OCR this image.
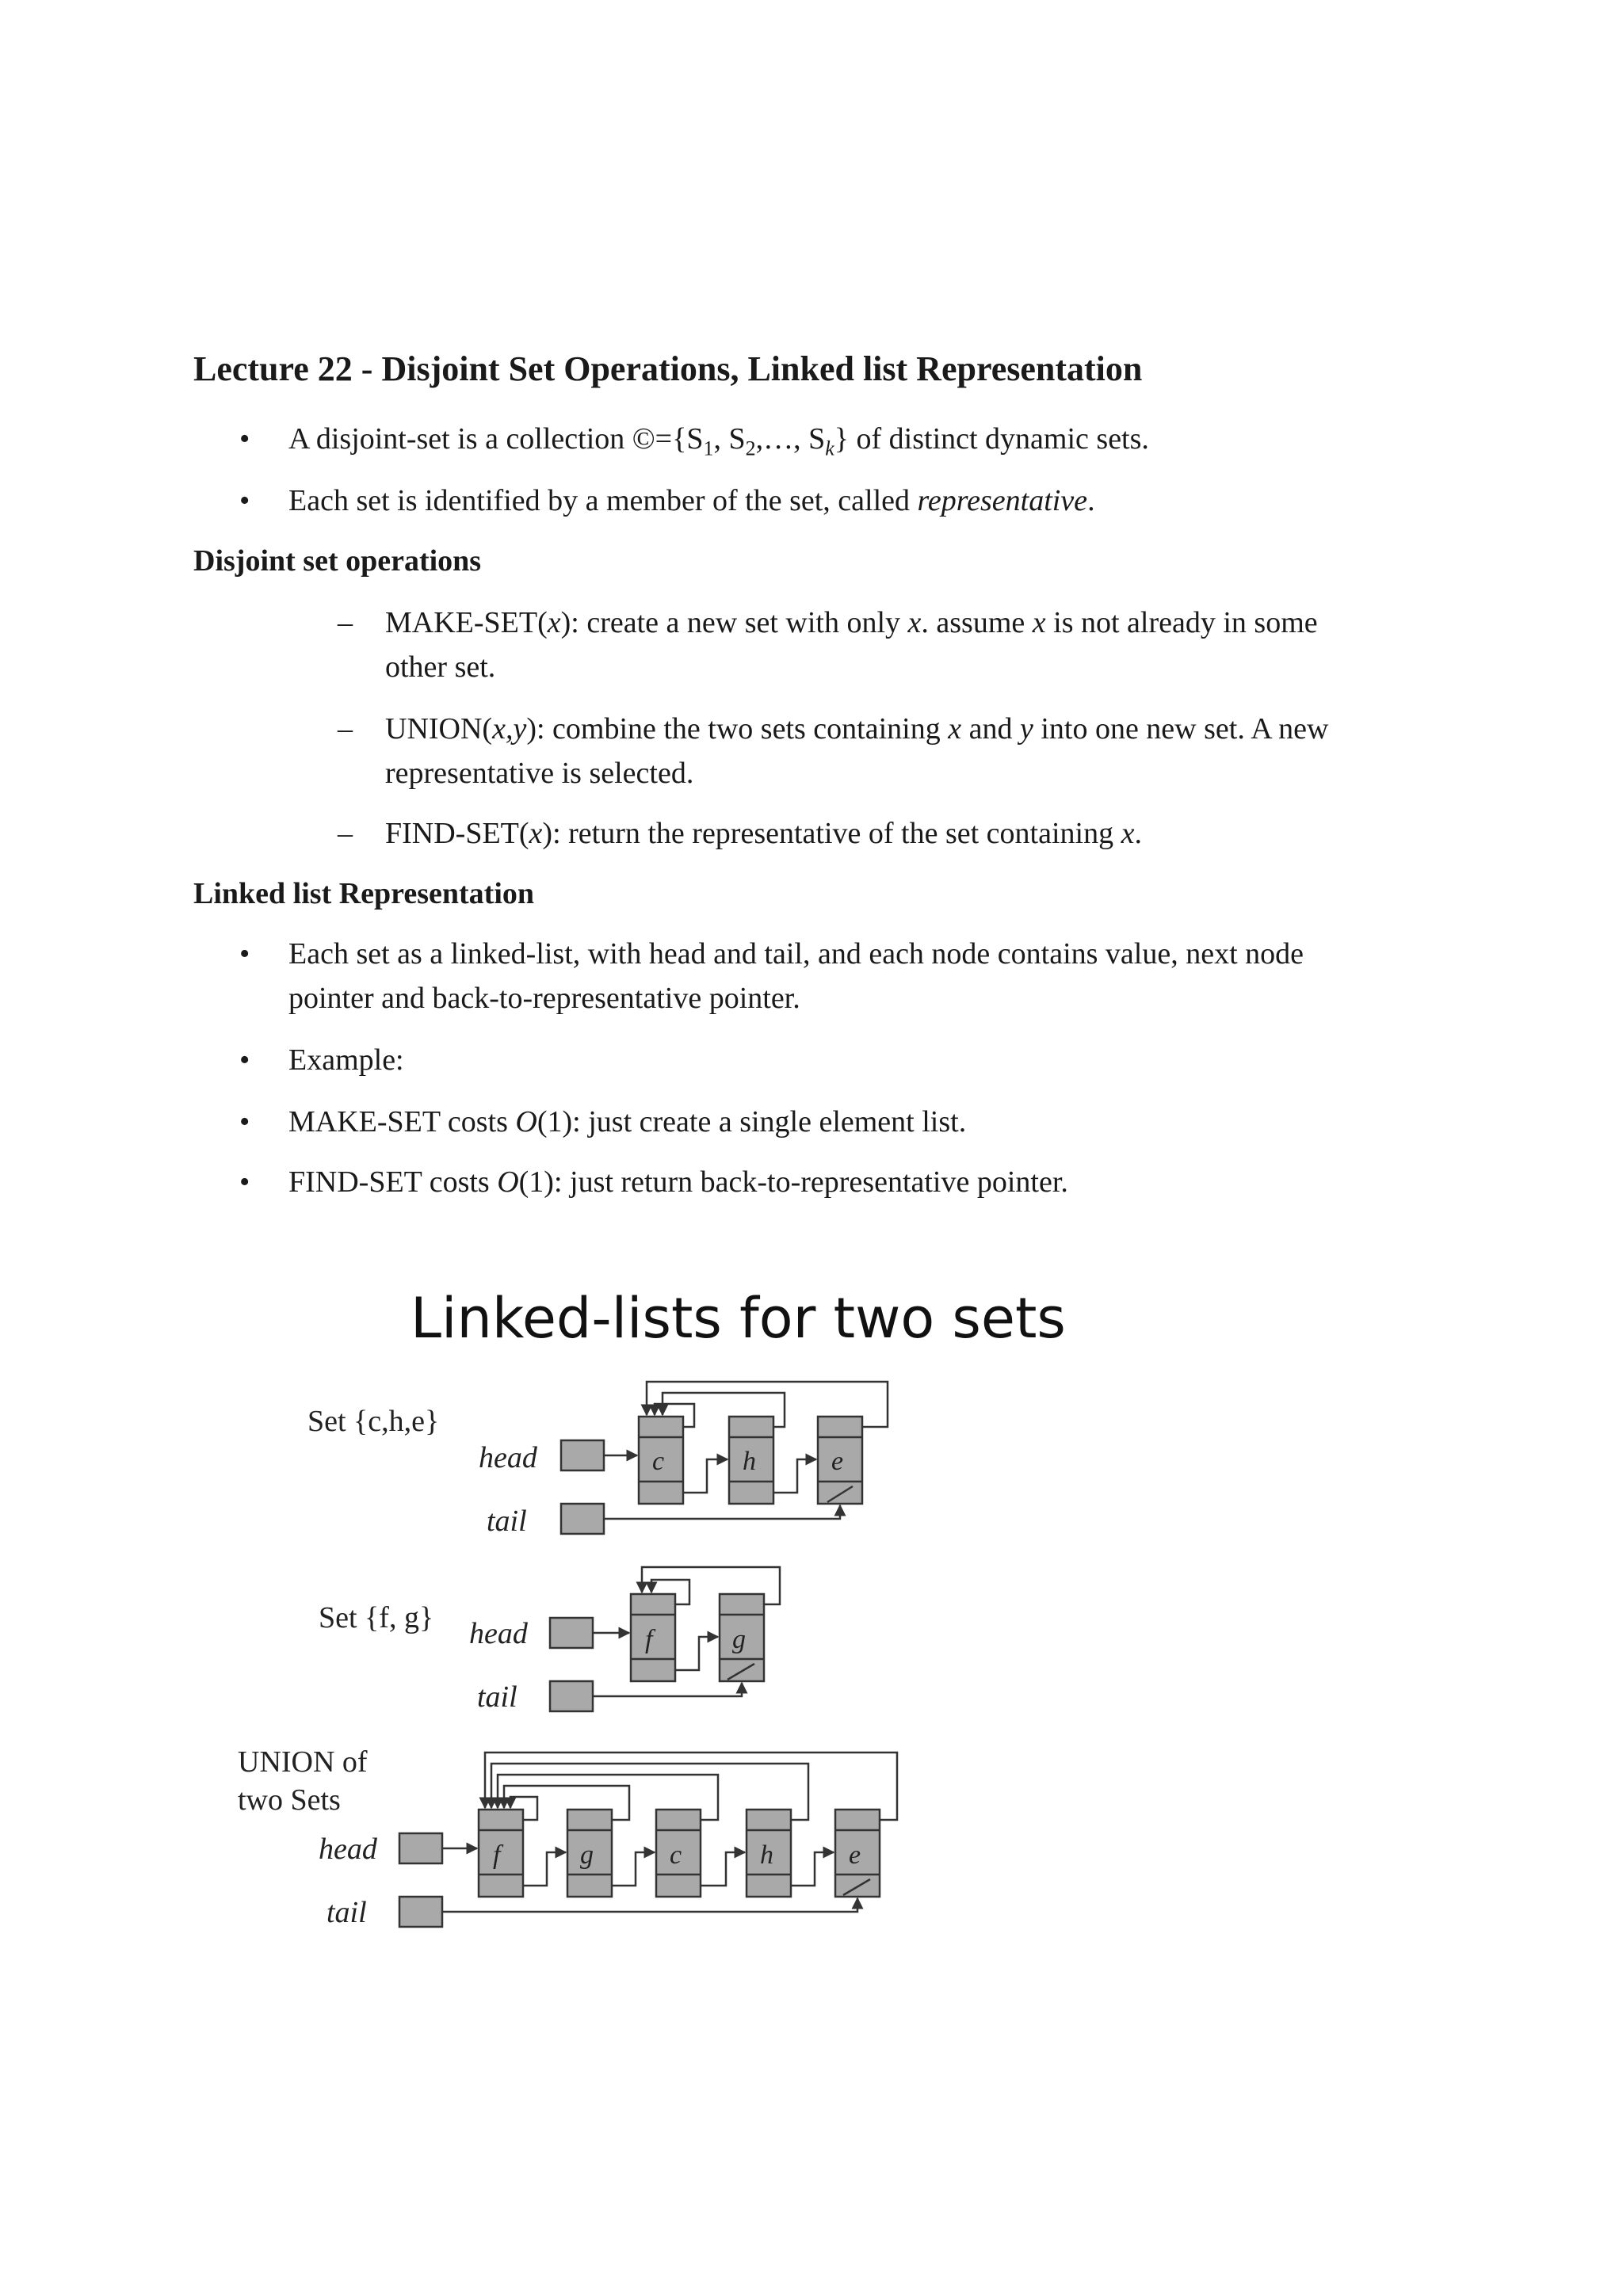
Lecture 22 - Disjoint Set Operations, Linked list Representation
• A disjoint-set is a collection $©=\{S_1$, $S_2,\dots$, $S_k$} of distinct dynamic sets.
• Each set is identified by a member of the set, called representative.
Disjoint set operations
– MAKE-SET(x): create a new set with only x. assume x is not already in some
other set.
– UNION(x,y): combine the two sets containing x and y into one new set. A new
representative is selected.
– FIND-SET(x): return the representative of the set containing x.
Linked list Representation
• Each set as a linked-list, with head and tail, and each node contains value, next node
pointer and back-to-representative pointer.
• Example:
• MAKE-SET costs O(1): just create a single element list.
• FIND-SET costs O(1): just return back-to-representative pointer.
Linked-lists for two sets
Set {c,h,e}
head
tail
c	h	e
Set {f, g} head
tail
f	g
UNION of
two Sets
head
tail
f	g	c	h	e
